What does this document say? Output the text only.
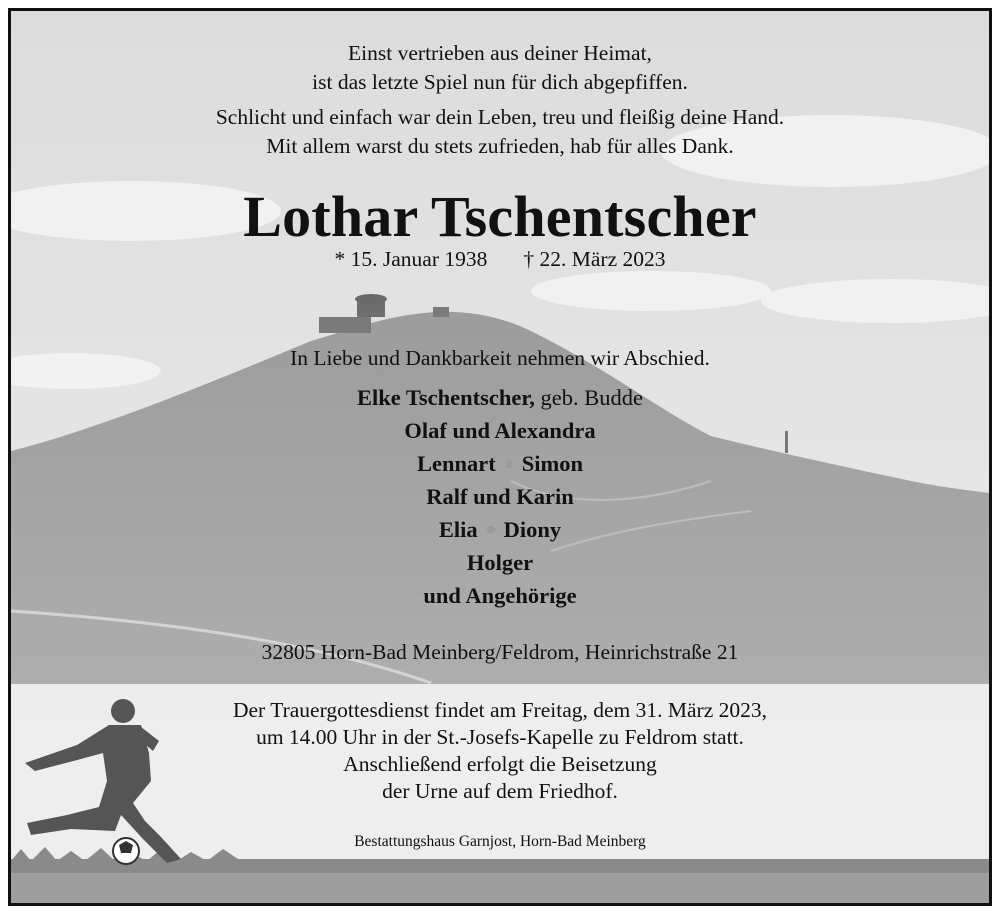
Einst vertrieben aus deiner Heimat,
ist das letzte Spiel nun für dich abgepfiffen.
Schlicht und einfach war dein Leben, treu und fleißig deine Hand.
Mit allem warst du stets zufrieden, hab für alles Dank.
Lothar Tschentscher
* 15. Januar 1938 † 22. März 2023
In Liebe und Dankbarkeit nehmen wir Abschied.
Elke Tschentscher, geb. Budde
Olaf und Alexandra
Lennart Simon
Ralf und Karin
Elia Diony
Holger
und Angehörige
32805 Horn-Bad Meinberg/Feldrom, Heinrichstraße 21
Der Trauergottesdienst findet am Freitag, dem 31. März 2023,
um 14.00 Uhr in der St.-Josefs-Kapelle zu Feldrom statt.
Anschließend erfolgt die Beisetzung
der Urne auf dem Friedhof.
Bestattungshaus Garnjost, Horn-Bad Meinberg
